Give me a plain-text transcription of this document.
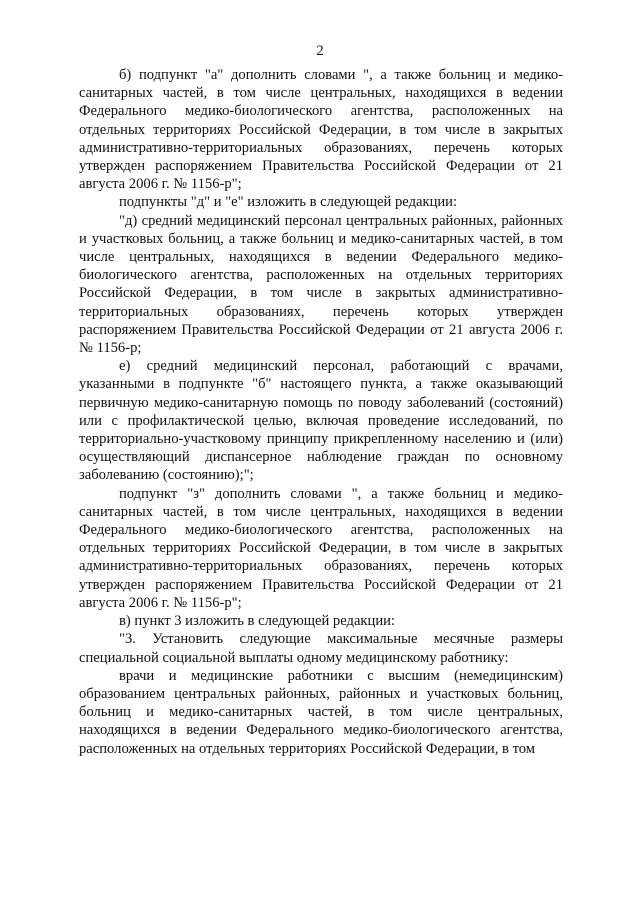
2

б) подпункт "а" дополнить словами ", а также больниц и медико-санитарных частей, в том числе центральных, находящихся в ведении Федерального медико-биологического агентства, расположенных на отдельных территориях Российской Федерации, в том числе в закрытых административно-территориальных образованиях, перечень которых утвержден распоряжением Правительства Российской Федерации от 21 августа 2006 г. № 1156-р";

подпункты "д" и "е" изложить в следующей редакции:

"д) средний медицинский персонал центральных районных, районных и участковых больниц, а также больниц и медико-санитарных частей, в том числе центральных, находящихся в ведении Федерального медико-биологического агентства, расположенных на отдельных территориях Российской Федерации, в том числе в закрытых административно-территориальных образованиях, перечень которых утвержден распоряжением Правительства Российской Федерации от 21 августа 2006 г. № 1156-р;

е) средний медицинский персонал, работающий с врачами, указанными в подпункте "б" настоящего пункта, а также оказывающий первичную медико-санитарную помощь по поводу заболеваний (состояний) или с профилактической целью, включая проведение исследований, по территориально-участковому принципу прикрепленному населению и (или) осуществляющий диспансерное наблюдение граждан по основному заболеванию (состоянию);";

подпункт "з" дополнить словами ", а также больниц и медико-санитарных частей, в том числе центральных, находящихся в ведении Федерального медико-биологического агентства, расположенных на отдельных территориях Российской Федерации, в том числе в закрытых административно-территориальных образованиях, перечень которых утвержден распоряжением Правительства Российской Федерации от 21 августа 2006 г. № 1156-р";

в) пункт 3 изложить в следующей редакции:

"3. Установить следующие максимальные месячные размеры специальной социальной выплаты одному медицинскому работнику:

врачи и медицинские работники с высшим (немедицинским) образованием центральных районных, районных и участковых больниц, больниц и медико-санитарных частей, в том числе центральных, находящихся в ведении Федерального медико-биологического агентства, расположенных на отдельных территориях Российской Федерации, в том
